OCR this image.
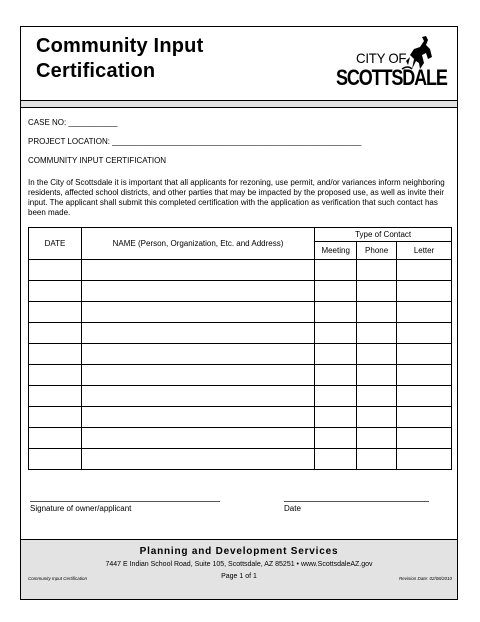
Community Input
Certification
CITY OF
SCOTTSDALE
CASE NO: ___________
PROJECT LOCATION: ________________________________________________________
COMMUNITY INPUT CERTIFICATION
In the City of Scottsdale it is important that all applicants for rezoning, use permit, and/or variances inform neighboring residents, affected school districts, and other parties that may be impacted by the proposed use, as well as invite their input. The applicant shall submit this completed certification with the application as verification that such contact has been made.
DATE	NAME (Person, Organization, Etc. and Address)	Type of Contact		
		Meeting	Phone	Letter

Signature of owner/applicant	Date
Planning and Development Services
7447 E Indian School Road, Suite 105, Scottsdale, AZ 85251 • www.ScottsdaleAZ.gov
Page 1 of 1
Community Input Certification	Revision Date: 02/08/2010
